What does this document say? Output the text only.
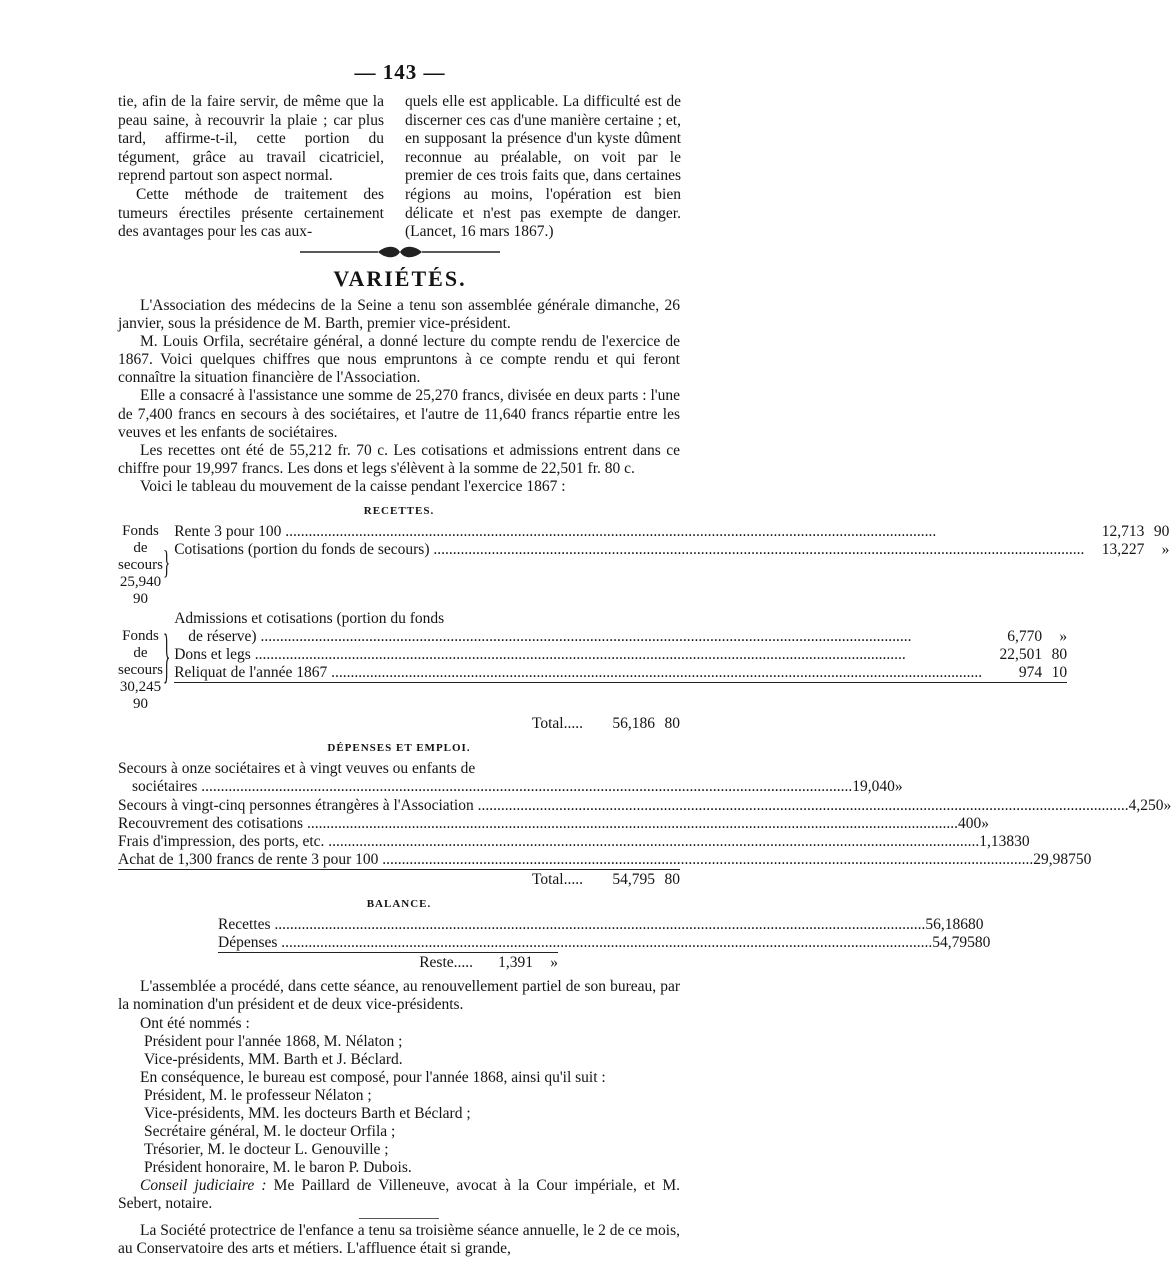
— 143 —

tie, afin de la faire servir, de même que la peau saine, à recouvrir la plaie ; car plus tard, affirme-t-il, cette portion du tégument, grâce au travail cicatriciel, reprend partout son aspect normal.

Cette méthode de traitement des tumeurs érectiles présente certainement des avantages pour les cas aux-

quels elle est applicable. La difficulté est de discerner ces cas d'une manière certaine ; et, en supposant la présence d'un kyste dûment reconnue au préalable, on voit par le premier de ces trois faits que, dans certaines régions au moins, l'opération est bien délicate et n'est pas exempte de danger. (Lancet, 16 mars 1867.)

VARIÉTÉS.

L'Association des médecins de la Seine a tenu son assemblée générale dimanche, 26 janvier, sous la présidence de M. Barth, premier vice-président.

M. Louis Orfila, secrétaire général, a donné lecture du compte rendu de l'exercice de 1867. Voici quelques chiffres que nous empruntons à ce compte rendu et qui feront connaître la situation financière de l'Association.

Elle a consacré à l'assistance une somme de 25,270 francs, divisée en deux parts : l'une de 7,400 francs en secours à des sociétaires, et l'autre de 11,640 francs répartie entre les veuves et les enfants de sociétaires.

Les recettes ont été de 55,212 fr. 70 c. Les cotisations et admissions entrent dans ce chiffre pour 19,997 francs. Les dons et legs s'élèvent à la somme de 22,501 fr. 80 c.

Voici le tableau du mouvement de la caisse pendant l'exercice 1867 :

RECETTES.
Fonds de secours
25,940 90
}
Rente 3 pour 100 .....	12,713 90
Cotisations (portion du fonds de secours) .....	13,227	»
Fonds de secours
30,245 90
}
Admissions et cotisations (portion du fonds
de réserve) .....	6,770	»
Dons et legs .....	22,501 80
Reliquat de l'année 1867 .....	974 10
Total.....	56,186 80
DÉPENSES ET EMPLOI.
Secours à onze sociétaires et à vingt veuves ou enfants de
sociétaires .....	19,040 »
Secours à vingt-cinq personnes étrangères à l'Association .....	4,250 »
Recouvrement des cotisations .....	400 »
Frais d'impression, des ports, etc. .....	1,138 30
Achat de 1,300 francs de rente 3 pour 100 .....	29,987 50
Total.....	54,795 80
BALANCE.
Recettes .....	56,186 80
Dépenses .....	54,795 80
Reste.....	1,391	»

L'assemblée a procédé, dans cette séance, au renouvellement partiel de son bureau, par la nomination d'un président et de deux vice-présidents.

Ont été nommés :

Président pour l'année 1868, M. Nélaton ;

Vice-présidents, MM. Barth et J. Béclard.

En conséquence, le bureau est composé, pour l'année 1868, ainsi qu'il suit :

Président, M. le professeur Nélaton ;

Vice-présidents, MM. les docteurs Barth et Béclard ;

Secrétaire général, M. le docteur Orfila ;

Trésorier, M. le docteur L. Genouville ;

Président honoraire, M. le baron P. Dubois.

Conseil judiciaire : Me Paillard de Villeneuve, avocat à la Cour impériale, et M. Sebert, notaire.

La Société protectrice de l'enfance a tenu sa troisième séance annuelle, le 2 de ce mois, au Conservatoire des arts et métiers. L'affluence était si grande,
